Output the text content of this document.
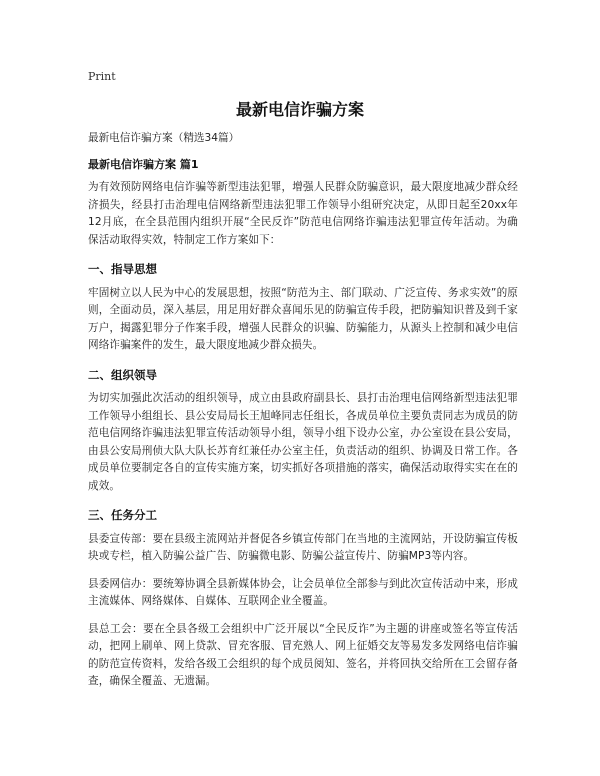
Print
最新电信诈骗方案
最新电信诈骗方案（精选34篇）
最新电信诈骗方案 篇1
为有效预防网络电信诈骗等新型违法犯罪，增强人民群众防骗意识，最大限度地减少群众经济损失，经县打击治理电信网络新型违法犯罪工作领导小组研究决定，从即日起至20xx年12月底，在全县范围内组织开展“全民反诈”防范电信网络诈骗违法犯罪宣传年活动。为确保活动取得实效，特制定工作方案如下：
一、指导思想
牢固树立以人民为中心的发展思想，按照“防范为主、部门联动、广泛宣传、务求实效”的原则，全面动员，深入基层，用足用好群众喜闻乐见的防骗宣传手段，把防骗知识普及到千家万户，揭露犯罪分子作案手段，增强人民群众的识骗、防骗能力，从源头上控制和减少电信网络诈骗案件的发生，最大限度地减少群众损失。
二、组织领导
为切实加强此次活动的组织领导，成立由县政府副县长、县打击治理电信网络新型违法犯罪工作领导小组组长、县公安局局长王旭峰同志任组长，各成员单位主要负责同志为成员的防范电信网络诈骗违法犯罪宣传活动领导小组，领导小组下设办公室，办公室设在县公安局，由县公安局刑侦大队大队长苏育红兼任办公室主任，负责活动的组织、协调及日常工作。各成员单位要制定各自的宣传实施方案，切实抓好各项措施的落实，确保活动取得实实在在的成效。
三、任务分工
县委宣传部：要在县级主流网站并督促各乡镇宣传部门在当地的主流网站，开设防骗宣传板块或专栏，植入防骗公益广告、防骗微电影、防骗公益宣传片、防骗MP3等内容。
县委网信办：要统筹协调全县新媒体协会，让会员单位全部参与到此次宣传活动中来，形成主流媒体、网络媒体、自媒体、互联网企业全覆盖。
县总工会：要在全县各级工会组织中广泛开展以“全民反诈”为主题的讲座或签名等宣传活动，把网上刷单、网上贷款、冒充客服、冒充熟人、网上征婚交友等易发多发网络电信诈骗的防范宣传资料，发给各级工会组织的每个成员阅知、签名，并将回执交给所在工会留存备查，确保全覆盖、无遗漏。
